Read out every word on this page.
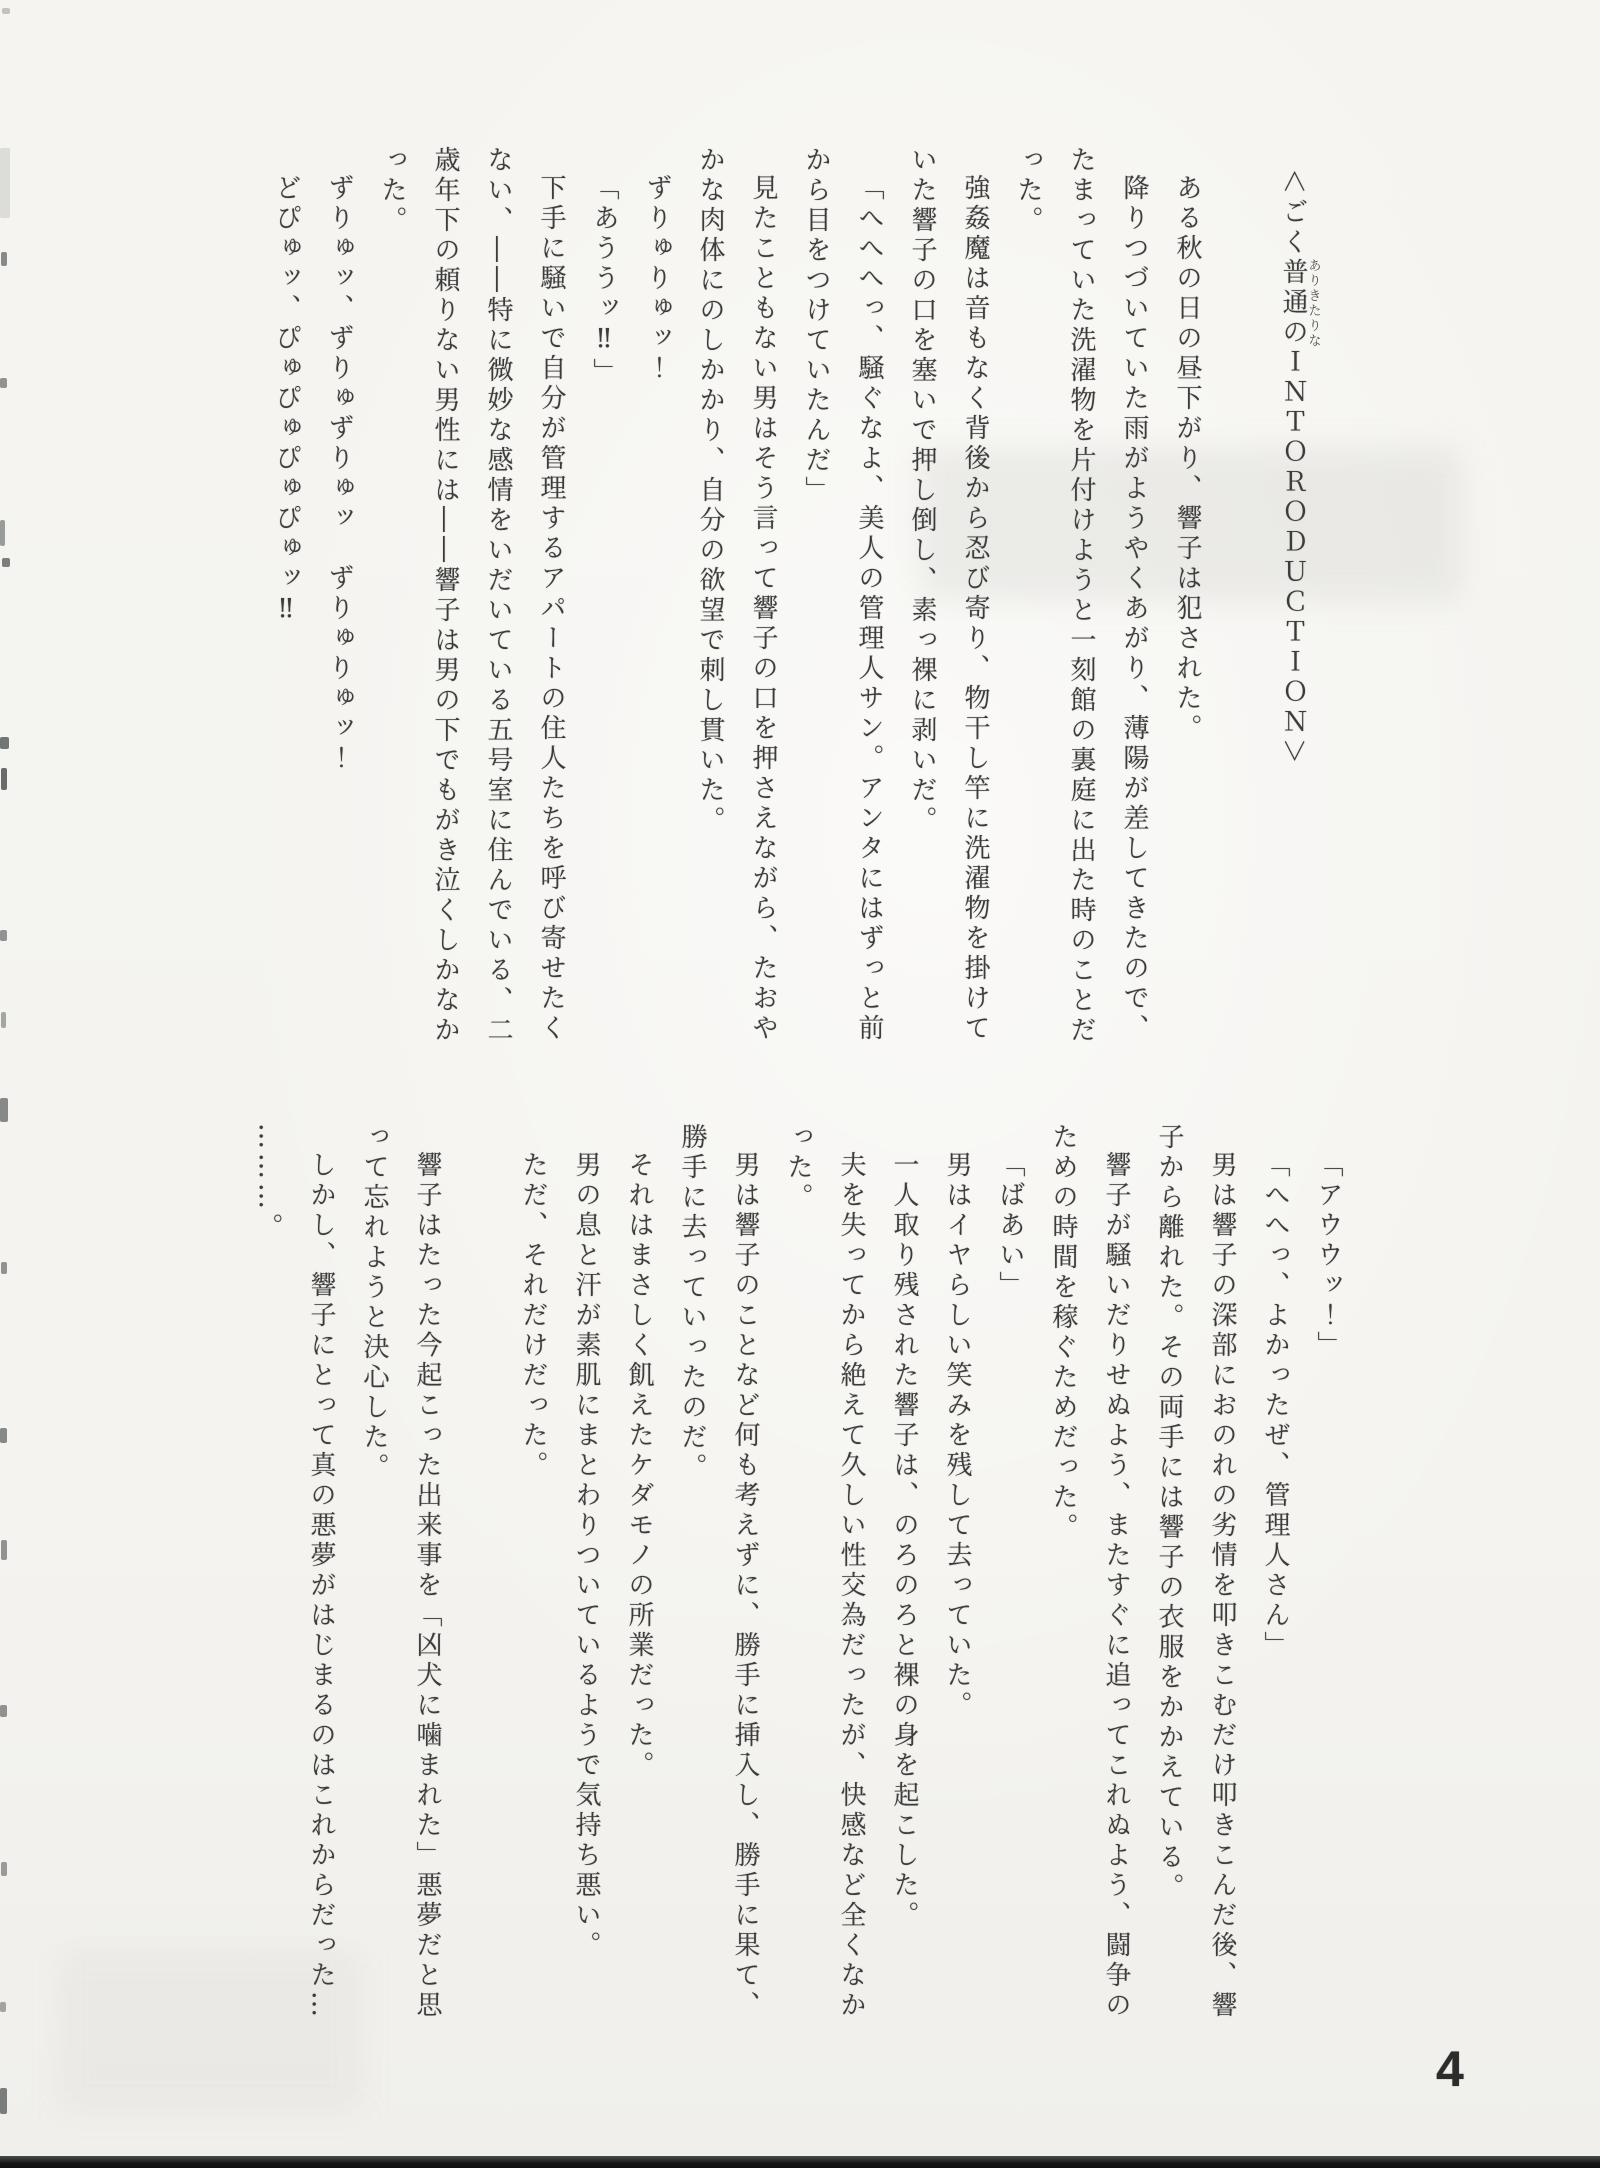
＜ごく普通のありきたりなＩＮＴＯＲＯＤＵＣＴＩＯＮ＞
ある秋の日の昼下がり、響子は犯された。
降りつづいていた雨がようやくあがり、薄陽が差してきたので、
たまっていた洗濯物を片付けようと一刻館の裏庭に出た時のことだ
った。
強姦魔は音もなく背後から忍び寄り、物干し竿に洗濯物を掛けて
いた響子の口を塞いで押し倒し、素っ裸に剥いだ。
「へへへっ、騒ぐなよ、美人の管理人サン。アンタにはずっと前
から目をつけていたんだ」
見たこともない男はそう言って響子の口を押さえながら、たおや
かな肉体にのしかかり、自分の欲望で刺し貫いた。
ずりゅりゅッ！
「あううッ‼」
下手に騒いで自分が管理するアパートの住人たちを呼び寄せたく
ない、――特に微妙な感情をいだいている五号室に住んでいる、二
歳年下の頼りない男性には――響子は男の下でもがき泣くしかなか
った。
ずりゅッ、ずりゅずりゅッ　ずりゅりゅッ！
どぴゅッ、ぴゅぴゅぴゅぴゅッ‼
「アウウッ！」
「へへっ、よかったぜ、管理人さん」
男は響子の深部におのれの劣情を叩きこむだけ叩きこんだ後、響
子から離れた。その両手には響子の衣服をかかえている。
響子が騒いだりせぬよう、またすぐに追ってこれぬよう、闘争の
ための時間を稼ぐためだった。
「ばあい」
男はイヤらしい笑みを残して去っていた。
一人取り残された響子は、のろのろと裸の身を起こした。
夫を失ってから絶えて久しい性交為だったが、快感など全くなか
った。
男は響子のことなど何も考えずに、勝手に挿入し、勝手に果て、
勝手に去っていったのだ。
それはまさしく飢えたケダモノの所業だった。
男の息と汗が素肌にまとわりついているようで気持ち悪い。
ただ、それだけだった。
響子はたった今起こった出来事を「凶犬に噛まれた」悪夢だと思
って忘れようと決心した。
しかし、響子にとって真の悪夢がはじまるのはこれからだった…
………。
4
